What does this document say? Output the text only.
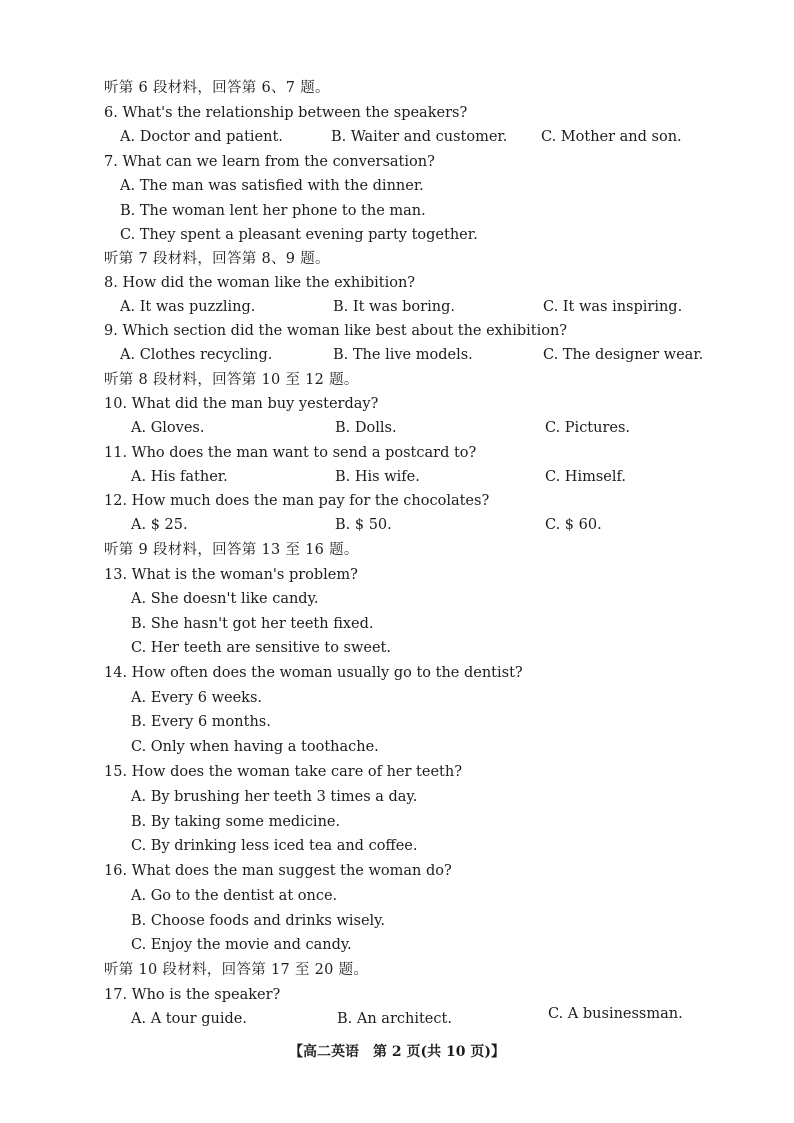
听第 6 段材料，回答第 6、7 题。
6. What's the relationship between the speakers?
A. Doctor and patient.	B. Waiter and customer. C. Mother and son.
7. What can we learn from the conversation?
A. The man was satisfied with the dinner.
B. The woman lent her phone to the man.
C. They spent a pleasant evening party together.
听第 7 段材料，回答第 8、9 题。
8. How did the woman like the exhibition?
A. It was puzzling.	B. It was boring.	C. It was inspiring.
9. Which section did the woman like best about the exhibition?
A. Clothes recycling.	B. The live models.	C. The designer wear.
听第 8 段材料，回答第 10 至 12 题。
10. What did the man buy yesterday?
A. Gloves.	B. Dolls.	C. Pictures.
11. Who does the man want to send a postcard to?
A. His father.	B. His wife.	C. Himself.
12. How much does the man pay for the chocolates?
A. $ 25.	B. $ 50.	C. $ 60.
听第 9 段材料，回答第 13 至 16 题。
13. What is the woman's problem?
A. She doesn't like candy.
B. She hasn't got her teeth fixed.
C. Her teeth are sensitive to sweet.
14. How often does the woman usually go to the dentist?
A. Every 6 weeks.
B. Every 6 months.
C. Only when having a toothache.
15. How does the woman take care of her teeth?
A. By brushing her teeth 3 times a day.
B. By taking some medicine.
C. By drinking less iced tea and coffee.
16. What does the man suggest the woman do?
A. Go to the dentist at once.
B. Choose foods and drinks wisely.
C. Enjoy the movie and candy.
听第 10 段材料，回答第 17 至 20 题。
17. Who is the speaker?
A. A tour guide.	B. An architect.	C. A businessman.
【高二英语　第 2 页(共 10 页)】
